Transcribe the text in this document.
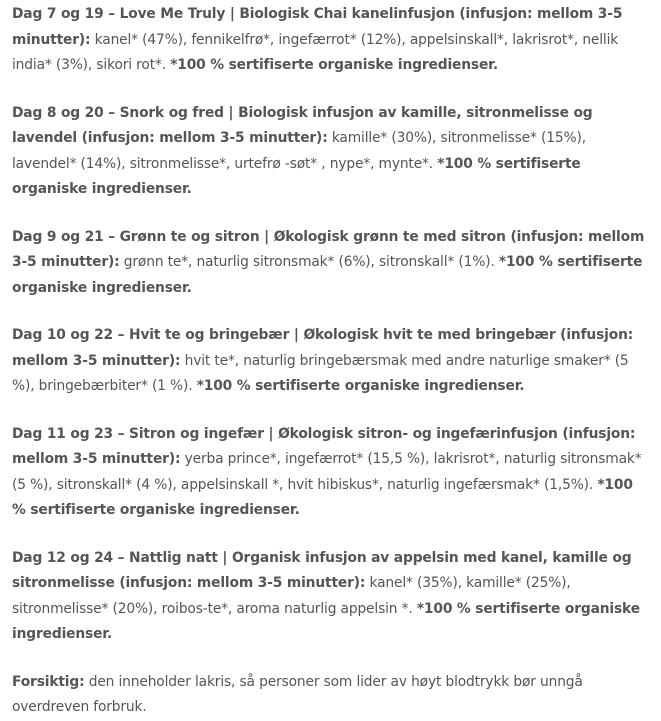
Dag 7 og 19 – Love Me Truly | Biologisk Chai kanelinfusjon (infusjon: mellom 3-5 minutter): kanel* (47%), fennikelfrø*, ingefærrot* (12%), appelsinskall*, lakrisrot*, nellik india* (3%), sikori rot*. *100 % sertifiserte organiske ingredienser.

Dag 8 og 20 – Snork og fred | Biologisk infusjon av kamille, sitronmelisse og lavendel (infusjon: mellom 3-5 minutter): kamille* (30%), sitronmelisse* (15%), lavendel* (14%), sitronmelisse*, urtefrø -søt* , nype*, mynte*. *100 % sertifiserte organiske ingredienser.

Dag 9 og 21 – Grønn te og sitron | Økologisk grønn te med sitron (infusjon: mellom 3-5 minutter): grønn te*, naturlig sitronsmak* (6%), sitronskall* (1%). *100 % sertifiserte organiske ingredienser.

Dag 10 og 22 – Hvit te og bringebær | Økologisk hvit te med bringebær (infusjon: mellom 3-5 minutter): hvit te*, naturlig bringebærsmak med andre naturlige smaker* (5 %), bringebærbiter* (1 %). *100 % sertifiserte organiske ingredienser.

Dag 11 og 23 – Sitron og ingefær | Økologisk sitron- og ingefærinfusjon (infusjon: mellom 3-5 minutter): yerba prince*, ingefærrot* (15,5 %), lakrisrot*, naturlig sitronsmak* (5 %), sitronskall* (4 %), appelsinskall *, hvit hibiskus*, naturlig ingefærsmak* (1,5%). *100 % sertifiserte organiske ingredienser.

Dag 12 og 24 – Nattlig natt | Organisk infusjon av appelsin med kanel, kamille og sitronmelisse (infusjon: mellom 3-5 minutter): kanel* (35%), kamille* (25%), sitronmelisse* (20%), roibos-te*, aroma naturlig appelsin *. *100 % sertifiserte organiske ingredienser.

Forsiktig: den inneholder lakris, så personer som lider av høyt blodtrykk bør unngå overdreven forbruk.
